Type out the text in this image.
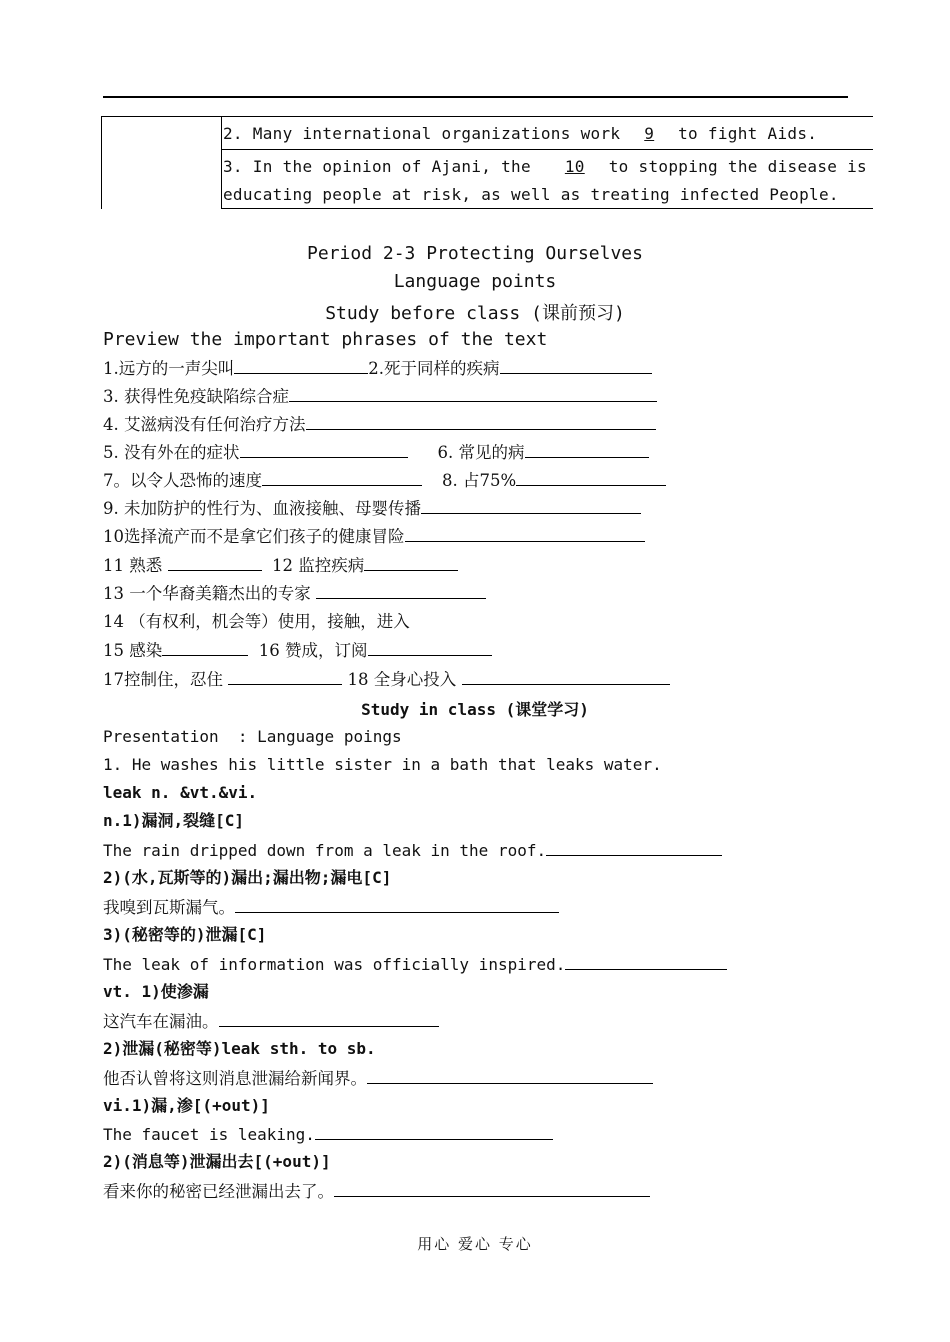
2. Many international organizations work 9 to fight Aids.
3. In the opinion of Ajani, the 10 to stopping the disease is
educating people at risk, as well as treating infected People.
Period 2-3 Protecting Ourselves
Language points
Study before class (课前预习)
Preview the important phrases of the text
1.远方的一声尖叫	2.死于同样的疾病
3. 获得性免疫缺陷综合症
4. 艾滋病没有任何治疗方法
5. 没有外在的症状	6. 常见的病
7。以令人恐怖的速度	8. 占75%
9. 未加防护的性行为、血液接触、母婴传播
10选择流产而不是拿它们孩子的健康冒险
11 熟悉	12 监控疾病
13 一个华裔美籍杰出的专家
14 （有权利，机会等）使用，接触，进入
15 感染	16 赞成，订阅
17控制住，忍住	18 全身心投入
Study in class (课堂学习)
Presentation  : Language poings
1. He washes his little sister in a bath that leaks water.
leak n. &vt.&vi.
n.1)漏洞,裂缝[C]
The rain dripped down from a leak in the roof.
2)(水,瓦斯等的)漏出;漏出物;漏电[C]
我嗅到瓦斯漏气。
3)(秘密等的)泄漏[C]
The leak of information was officially inspired.
vt. 1)使渗漏
这汽车在漏油。
2)泄漏(秘密等)leak sth. to sb.
他否认曾将这则消息泄漏给新闻界。
vi.1)漏,渗[(+out)]
The faucet is leaking.
2)(消息等)泄漏出去[(+out)]
看来你的秘密已经泄漏出去了。
用心 爱心 专心
